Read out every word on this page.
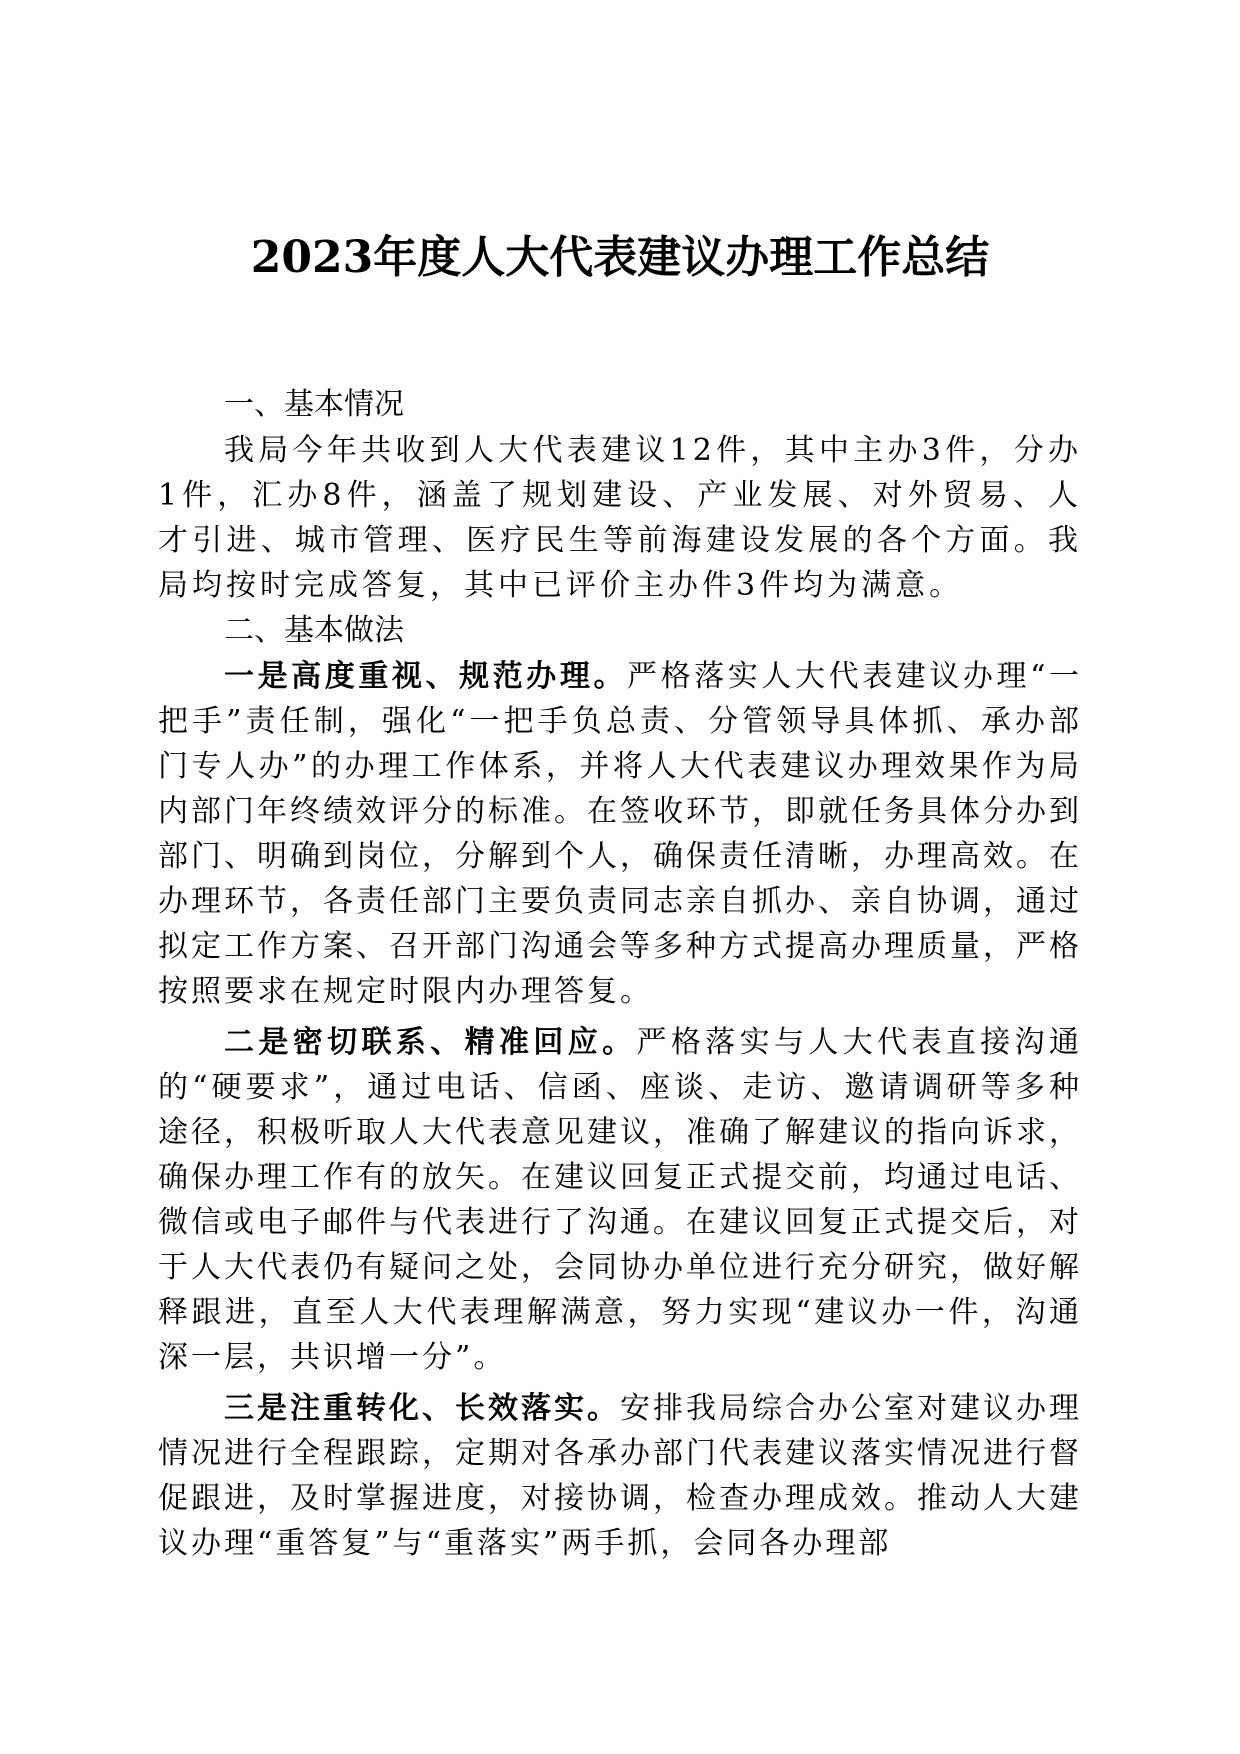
2023年度人大代表建议办理工作总结
一、基本情况

我局今年共收到人大代表建议12件，其中主办3件，分办1件，汇办8件，涵盖了规划建设、产业发展、对外贸易、人才引进、城市管理、医疗民生等前海建设发展的各个方面。我局均按时完成答复，其中已评价主办件3件均为满意。

二、基本做法

一是高度重视、规范办理。严格落实人大代表建议办理“一把手”责任制，强化“一把手负总责、分管领导具体抓、承办部门专人办”的办理工作体系，并将人大代表建议办理效果作为局内部门年终绩效评分的标准。在签收环节，即就任务具体分办到部门、明确到岗位，分解到个人，确保责任清晰，办理高效。在办理环节，各责任部门主要负责同志亲自抓办、亲自协调，通过拟定工作方案、召开部门沟通会等多种方式提高办理质量，严格按照要求在规定时限内办理答复。

二是密切联系、精准回应。严格落实与人大代表直接沟通的“硬要求”，通过电话、信函、座谈、走访、邀请调研等多种途径，积极听取人大代表意见建议，准确了解建议的指向诉求，确保办理工作有的放矢。在建议回复正式提交前，均通过电话、微信或电子邮件与代表进行了沟通。在建议回复正式提交后，对于人大代表仍有疑问之处，会同协办单位进行充分研究，做好解释跟进，直至人大代表理解满意，努力实现“建议办一件，沟通深一层，共识增一分”。

三是注重转化、长效落实。安排我局综合办公室对建议办理情况进行全程跟踪，定期对各承办部门代表建议落实情况进行督促跟进，及时掌握进度，对接协调，检查办理成效。推动人大建议办理“重答复”与“重落实”两手抓，会同各办理部
